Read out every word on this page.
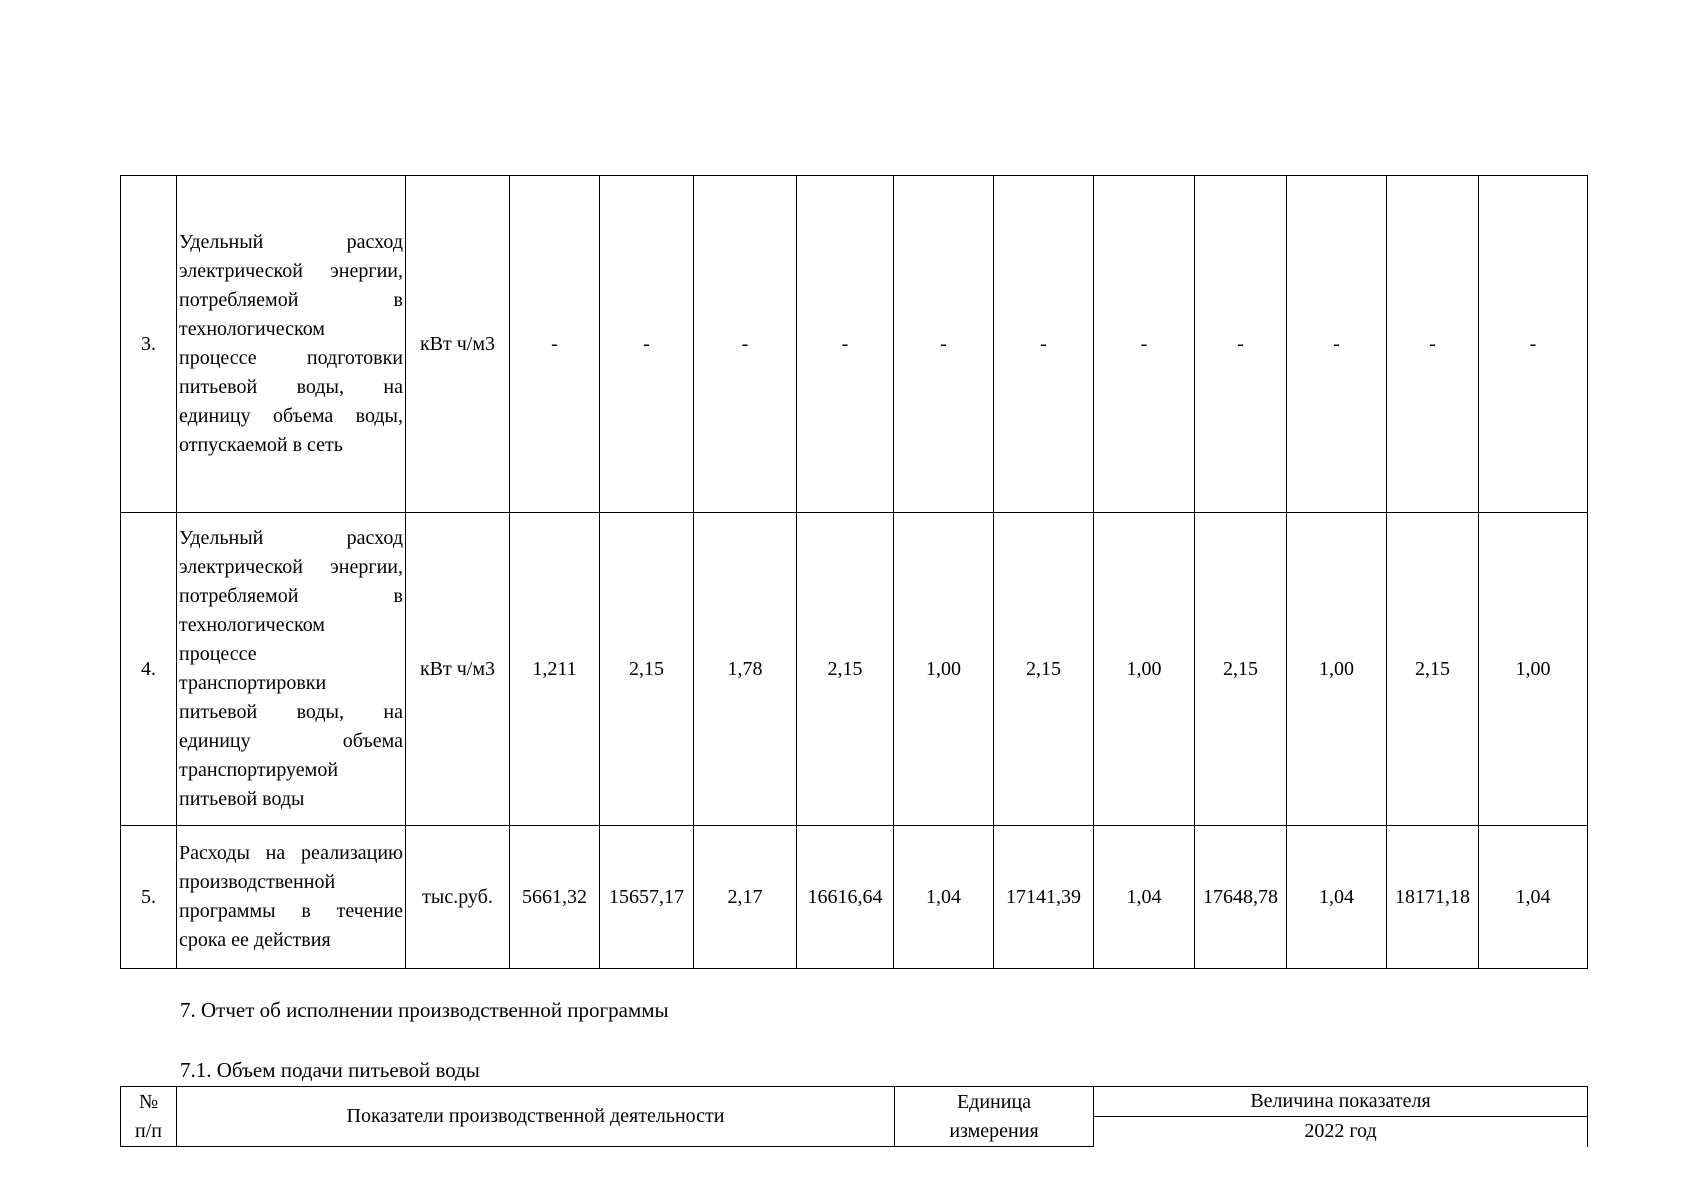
3.	Удельный расход электрической энергии, потребляемой в технологическом процессе подготовки питьевой воды, на единицу объема воды, отпускаемой в сеть	кВт ч/м3	-	-	-	-	-	-	-	-	-	-	-
4.	Удельный расход электрической энергии, потребляемой в технологическом процессе транспортировки питьевой воды, на единицу объема транспортируемой питьевой воды	кВт ч/м3	1,211	2,15	1,78	2,15	1,00	2,15	1,00	2,15	1,00	2,15	1,00
5.	Расходы на реализацию производственной программы в течение срока ее действия	тыс.руб.	5661,32	15657,17	2,17	16616,64	1,04	17141,39	1,04	17648,78	1,04	18171,18	1,04
7. Отчет об исполнении производственной программы
7.1. Объем подачи питьевой воды
№ п/п	Показатели производственной деятельности	Единица измерения	Величина показателя
2022 год
